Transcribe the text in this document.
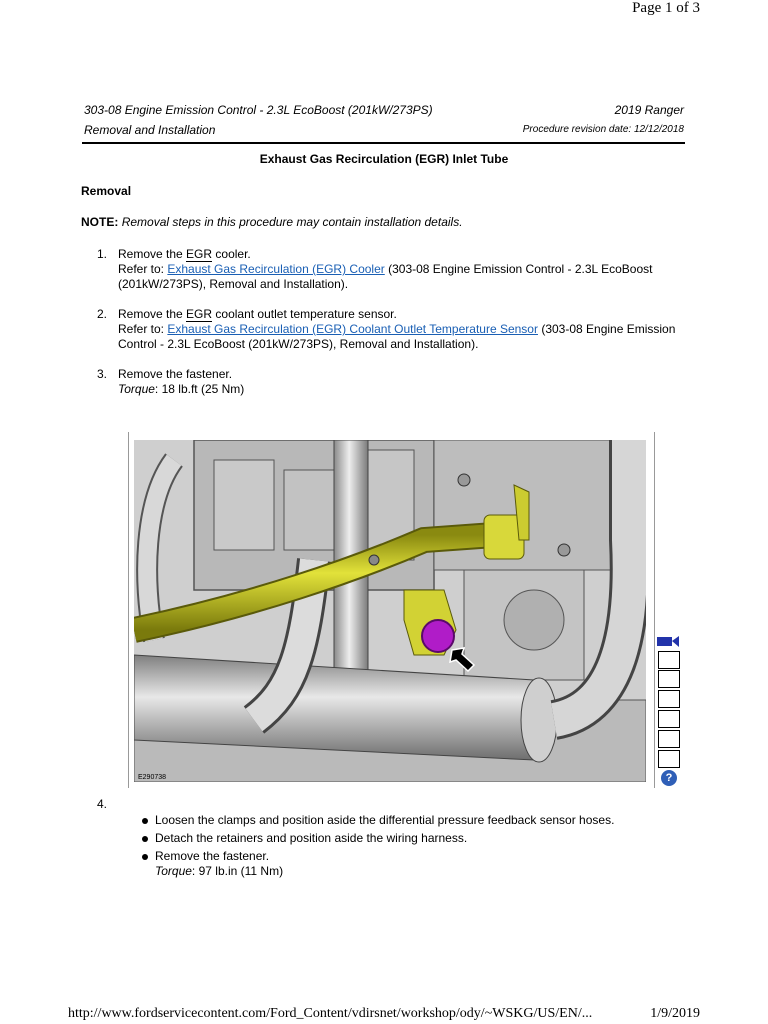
Page 1 of 3
303-08 Engine Emission Control - 2.3L EcoBoost (201kW/273PS)
Removal and Installation
2019 Ranger
Procedure revision date: 12/12/2018
Exhaust Gas Recirculation (EGR) Inlet Tube
Removal
NOTE: Removal steps in this procedure may contain installation details.
1. Remove the EGR cooler.
Refer to: Exhaust Gas Recirculation (EGR) Cooler (303-08 Engine Emission Control - 2.3L EcoBoost (201kW/273PS), Removal and Installation).
2. Remove the EGR coolant outlet temperature sensor.
Refer to: Exhaust Gas Recirculation (EGR) Coolant Outlet Temperature Sensor (303-08 Engine Emission Control - 2.3L EcoBoost (201kW/273PS), Removal and Installation).
3. Remove the fastener.
Torque: 18 lb.ft (25 Nm)
E290738	?
4.
Loosen the clamps and position aside the differential pressure feedback sensor hoses.
Detach the retainers and position aside the wiring harness.
Remove the fastener.
Torque: 97 lb.in (11 Nm)
http://www.fordservicecontent.com/Ford_Content/vdirsnet/workshop/ody/~WSKG/US/EN/...	1/9/2019
